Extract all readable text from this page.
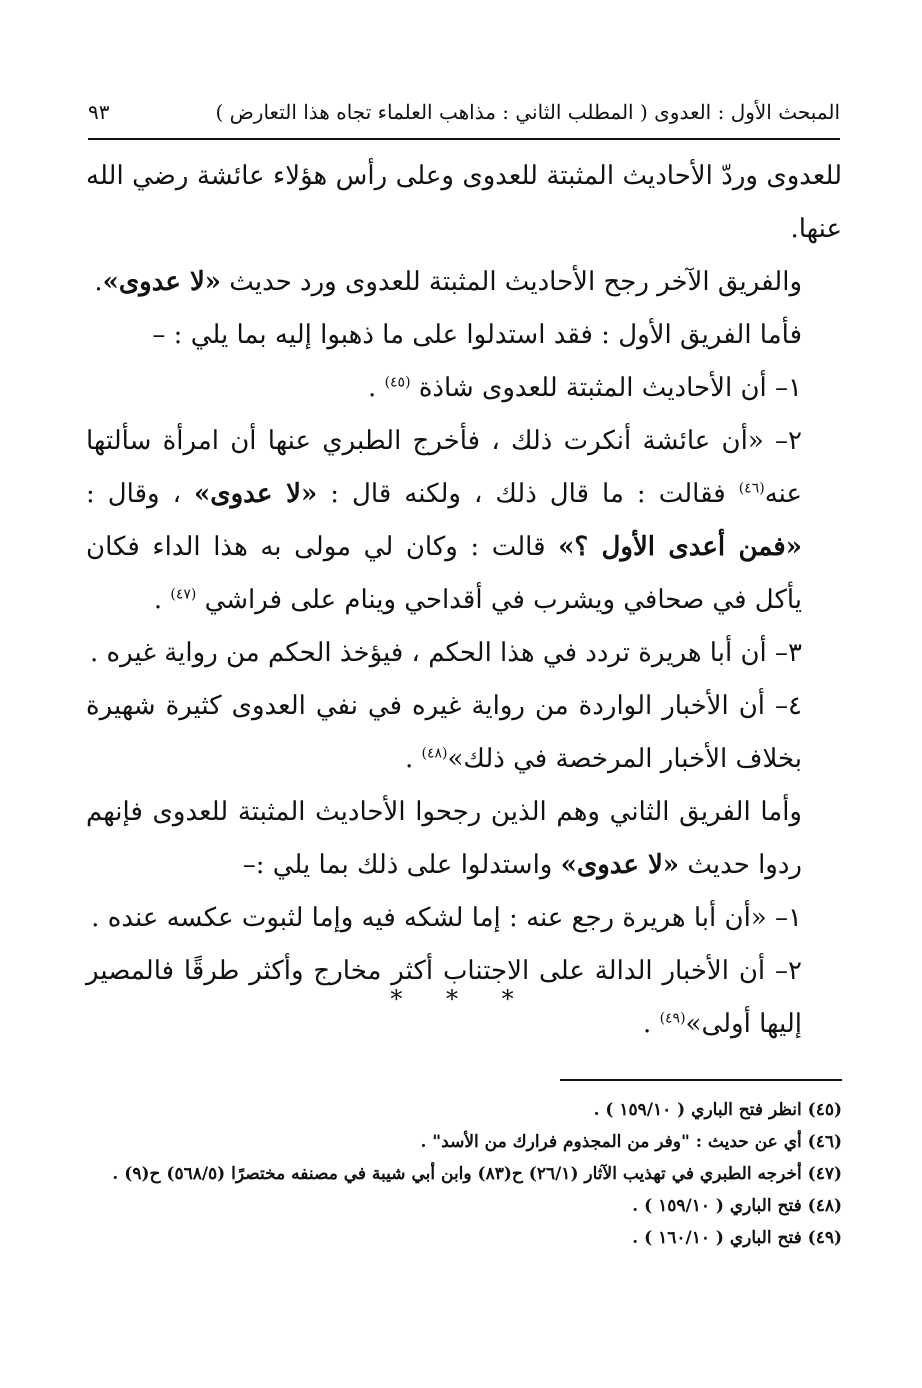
المبحث الأول : العدوى ( المطلب الثاني : مذاهب العلماء تجاه هذا التعارض )
٩٣

للعدوى وردّ الأحاديث المثبتة للعدوى وعلى رأس هؤلاء عائشة رضي الله عنها.

والفريق الآخر رجح الأحاديث المثبتة للعدوى ورد حديث «لا عدوى».

فأما الفريق الأول : فقد استدلوا على ما ذهبوا إليه بما يلي : –

١– أن الأحاديث المثبتة للعدوى شاذة $^{(٤٥)}$ .

٢– «أن عائشة أنكرت ذلك ، فأخرج الطبري عنها أن امرأة سألتها عنه$^{(٤٦)}$ فقالت : ما قال ذلك ، ولكنه قال : «لا عدوى» ، وقال : «فمن أعدى الأول ؟» قالت : وكان لي مولى به هذا الداء فكان يأكل في صحافي ويشرب في أقداحي وينام على فراشي $^{(٤٧)}$ .

٣– أن أبا هريرة تردد في هذا الحكم ، فيؤخذ الحكم من رواية غيره .

٤– أن الأخبار الواردة من رواية غيره في نفي العدوى كثيرة شهيرة بخلاف الأخبار المرخصة في ذلك»$^{(٤٨)}$ .

وأما الفريق الثاني وهم الذين رجحوا الأحاديث المثبتة للعدوى فإنهم ردوا حديث «لا عدوى» واستدلوا على ذلك بما يلي :–

١– «أن أبا هريرة رجع عنه : إما لشكه فيه وإما لثبوت عكسه عنده .

٢– أن الأخبار الدالة على الاجتناب أكثر مخارج وأكثر طرقًا فالمصير إليها أولى»$^{(٤٩)}$ .

* * *
(٤٥) انظر فتح الباري ( ١٥٩/١٠ ) .
(٤٦) أي عن حديث : "وفر من المجذوم فرارك من الأسد" .
(٤٧) أخرجه الطبري في تهذيب الآثار (٢٦/١) ح(٨٣) وابن أبي شيبة في مصنفه مختصرًا (٥٦٨/٥) ح(٩) .
(٤٨) فتح الباري ( ١٥٩/١٠ ) .
(٤٩) فتح الباري ( ١٦٠/١٠ ) .
